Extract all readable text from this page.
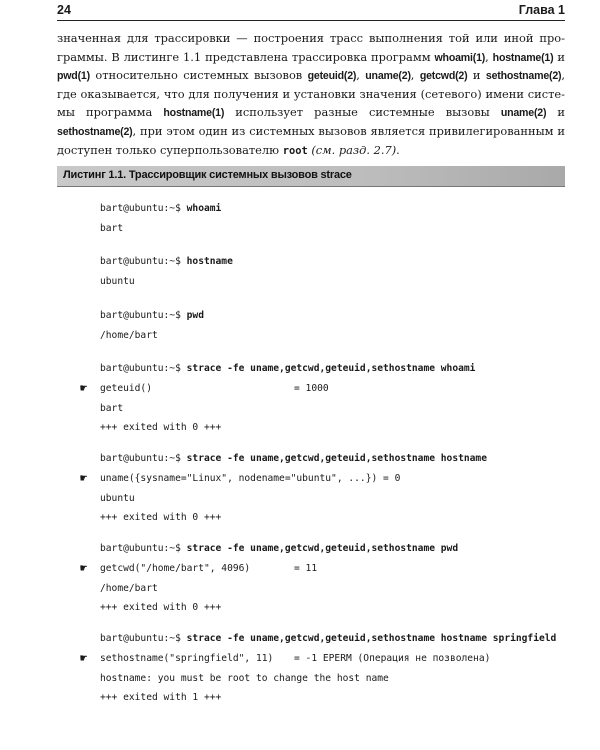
24	Глава 1
значенная для трассировки — построения трасс выполнения той или иной про-
граммы. В листинге 1.1 представлена трассировка программ whoami(1), hostname(1) и
pwd(1) относительно системных вызовов geteuid(2), uname(2), getcwd(2) и sethostname(2),
где оказывается, что для получения и установки значения (сетевого) имени систе-
мы программа hostname(1) использует разные системные вызовы uname(2) и
sethostname(2), при этом один из системных вызовов является привилегированным и
доступен только суперпользователю root (см. разд. 2.7).
Листинг 1.1. Трассировщик системных вызовов strace
bart@ubuntu:~$ whoami
bart
bart@ubuntu:~$ hostname
ubuntu
bart@ubuntu:~$ pwd
/home/bart
bart@ubuntu:~$ strace -fe uname,getcwd,geteuid,sethostname whoami
geteuid()
☛	= 1000
bart
+++ exited with 0 +++
bart@ubuntu:~$ strace -fe uname,getcwd,geteuid,sethostname hostname
uname({sysname="Linux", nodename="ubuntu", ...}) = 0
☛
ubuntu
+++ exited with 0 +++
bart@ubuntu:~$ strace -fe uname,getcwd,geteuid,sethostname pwd
getcwd("/home/bart", 4096)
☛	= 11
/home/bart
+++ exited with 0 +++
bart@ubuntu:~$ strace -fe uname,getcwd,geteuid,sethostname hostname springfield
sethostname("springfield", 11)
☛	= -1 EPERM (Операция не позволена)
hostname: you must be root to change the host name
+++ exited with 1 +++
